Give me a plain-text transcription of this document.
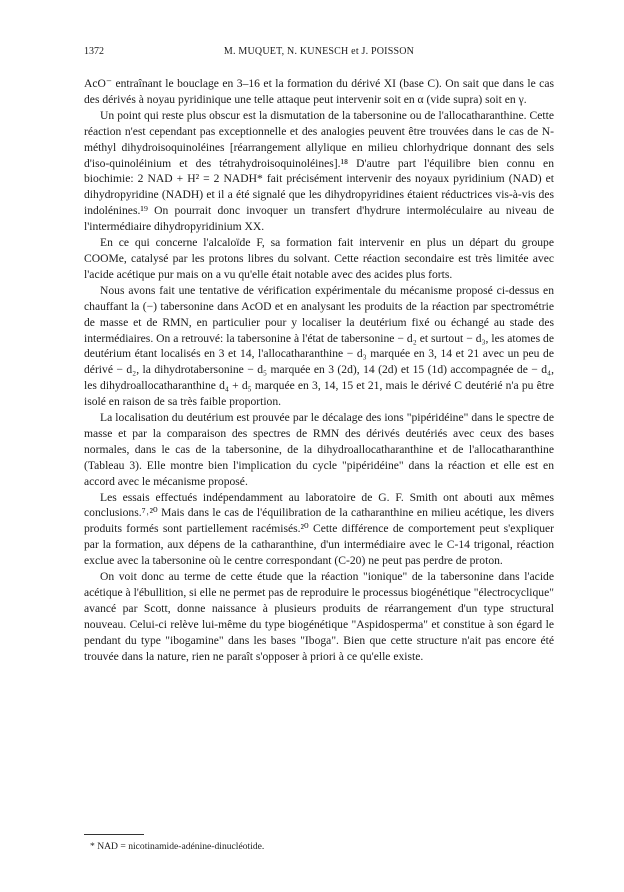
1372	M. MUQUET, N. KUNESCH et J. POISSON

AcO⁻ entraînant le bouclage en 3–16 et la formation du dérivé XI (base C). On sait que dans le cas des dérivés à noyau pyridinique une telle attaque peut intervenir soit en α (vide supra) soit en γ.

Un point qui reste plus obscur est la dismutation de la tabersonine ou de l'allocatharanthine. Cette réaction n'est cependant pas exceptionnelle et des analogies peuvent être trouvées dans le cas de N-méthyl dihydroisoquinoléines [réarrangement allylique en milieu chlorhydrique donnant des sels d'iso-quinoléinium et des tétrahydroisoquinoléines].¹⁸ D'autre part l'équilibre bien connu en biochimie: 2 NAD + H² = 2 NADH* fait précisément intervenir des noyaux pyridinium (NAD) et dihydropyridine (NADH) et il a été signalé que les dihydropyridines étaient réductrices vis-à-vis des indolénines.¹⁹ On pourrait donc invoquer un transfert d'hydrure intermoléculaire au niveau de l'intermédiaire dihydropyridinium XX.

En ce qui concerne l'alcaloïde F, sa formation fait intervenir en plus un départ du groupe COOMe, catalysé par les protons libres du solvant. Cette réaction secondaire est très limitée avec l'acide acétique pur mais on a vu qu'elle était notable avec des acides plus forts.

Nous avons fait une tentative de vérification expérimentale du mécanisme proposé ci-dessus en chauffant la (−) tabersonine dans AcOD et en analysant les produits de la réaction par spectrométrie de masse et de RMN, en particulier pour y localiser la deutérium fixé ou échangé au stade des intermédiaires. On a retrouvé: la tabersonine à l'état de tabersonine − d₂ et surtout − d₃, les atomes de deutérium étant localisés en 3 et 14, l'allocatharanthine − d₃ marquée en 3, 14 et 21 avec un peu de dérivé − d₂, la dihydrotabersonine − d₅ marquée en 3 (2d), 14 (2d) et 15 (1d) accompagnée de − d₄, les dihydroallocatharanthine d₄ + d₅ marquée en 3, 14, 15 et 21, mais le dérivé C deutérié n'a pu être isolé en raison de sa très faible proportion.

La localisation du deutérium est prouvée par le décalage des ions "pipéridéine" dans le spectre de masse et par la comparaison des spectres de RMN des dérivés deutériés avec ceux des bases normales, dans le cas de la tabersonine, de la dihydroallocatharanthine et de l'allocatharanthine (Tableau 3). Elle montre bien l'implication du cycle "pipéridéine" dans la réaction et elle est en accord avec le mécanisme proposé.

Les essais effectués indépendamment au laboratoire de G. F. Smith ont abouti aux mêmes conclusions.⁷˒²⁰ Mais dans le cas de l'équilibration de la catharanthine en milieu acétique, les divers produits formés sont partiellement racémisés.²⁰ Cette différence de comportement peut s'expliquer par la formation, aux dépens de la catharanthine, d'un intermédiaire avec le C-14 trigonal, réaction exclue avec la tabersonine où le centre correspondant (C-20) ne peut pas perdre de proton.

On voit donc au terme de cette étude que la réaction "ionique" de la tabersonine dans l'acide acétique à l'ébullition, si elle ne permet pas de reproduire le processus biogénétique "électrocyclique" avancé par Scott, donne naissance à plusieurs produits de réarrangement d'un type structural nouveau. Celui-ci relève lui-même du type biogénétique "Aspidosperma" et constitue à son égard le pendant du type "ibogamine" dans les bases "Iboga". Bien que cette structure n'ait pas encore été trouvée dans la nature, rien ne paraît s'opposer à priori à ce qu'elle existe.

* NAD = nicotinamide-adénine-dinucléotide.
